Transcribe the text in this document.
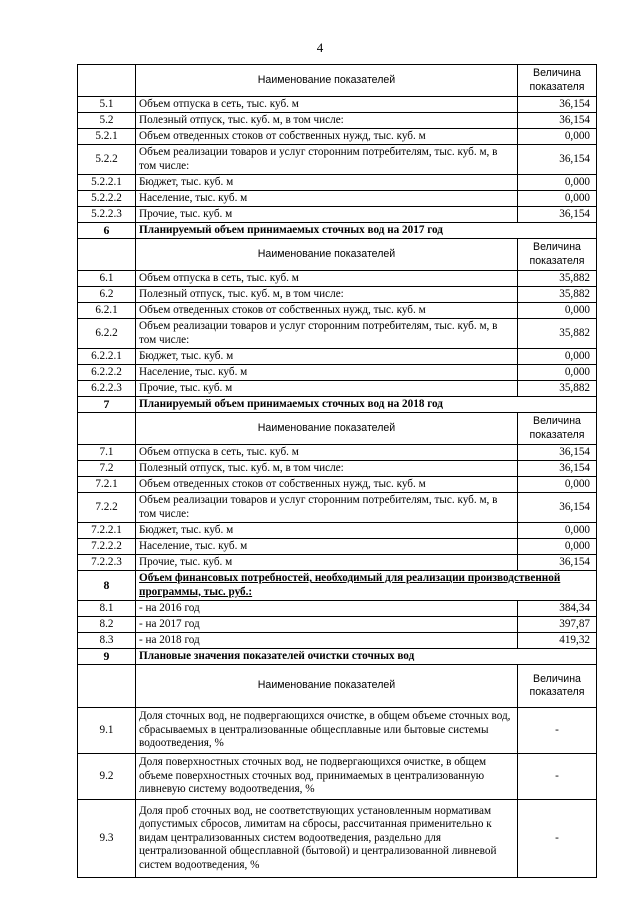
4
	Наименование показателей	Величина показателя
5.1	Объем отпуска в сеть, тыс. куб. м	36,154
5.2	Полезный отпуск, тыс. куб. м, в том числе:	36,154
5.2.1	Объем отведенных стоков от собственных нужд, тыс. куб. м	0,000
5.2.2	Объем реализации товаров и услуг сторонним потребителям, тыс. куб. м, в том числе:	36,154
5.2.2.1	Бюджет, тыс. куб. м	0,000
5.2.2.2	Население, тыс. куб. м	0,000
5.2.2.3	Прочие, тыс. куб. м	36,154
6	Планируемый объем принимаемых сточных вод на 2017 год	
	Наименование показателей	Величина показателя
6.1	Объем отпуска в сеть, тыс. куб. м	35,882
6.2	Полезный отпуск, тыс. куб. м, в том числе:	35,882
6.2.1	Объем отведенных стоков от собственных нужд, тыс. куб. м	0,000
6.2.2	Объем реализации товаров и услуг сторонним потребителям, тыс. куб. м, в том числе:	35,882
6.2.2.1	Бюджет, тыс. куб. м	0,000
6.2.2.2	Население, тыс. куб. м	0,000
6.2.2.3	Прочие, тыс. куб. м	35,882
7	Планируемый объем принимаемых сточных вод на 2018 год	
	Наименование показателей	Величина показателя
7.1	Объем отпуска в сеть, тыс. куб. м	36,154
7.2	Полезный отпуск, тыс. куб. м, в том числе:	36,154
7.2.1	Объем отведенных стоков от собственных нужд, тыс. куб. м	0,000
7.2.2	Объем реализации товаров и услуг сторонним потребителям, тыс. куб. м, в том числе:	36,154
7.2.2.1	Бюджет, тыс. куб. м	0,000
7.2.2.2	Население, тыс. куб. м	0,000
7.2.2.3	Прочие, тыс. куб. м	36,154
8	Объем финансовых потребностей, необходимый для реализации производственной программы, тыс. руб.:	
8.1	- на 2016 год	384,34
8.2	- на 2017 год	397,87
8.3	- на 2018 год	419,32
9	Плановые значения показателей очистки сточных вод	
	Наименование показателей	Величина показателя
9.1	Доля сточных вод, не подвергающихся очистке, в общем объеме сточных вод, сбрасываемых в централизованные общесплавные или бытовые системы водоотведения, %	-
9.2	Доля поверхностных сточных вод, не подвергающихся очистке, в общем объеме поверхностных сточных вод, принимаемых в централизованную ливневую систему водоотведения, %	-
9.3	Доля проб сточных вод, не соответствующих установленным нормативам допустимых сбросов, лимитам на сбросы, рассчитанная применительно к видам централизованных систем водоотведения, раздельно для централизованной общесплавной (бытовой) и централизованной ливневой систем водоотведения, %	-
